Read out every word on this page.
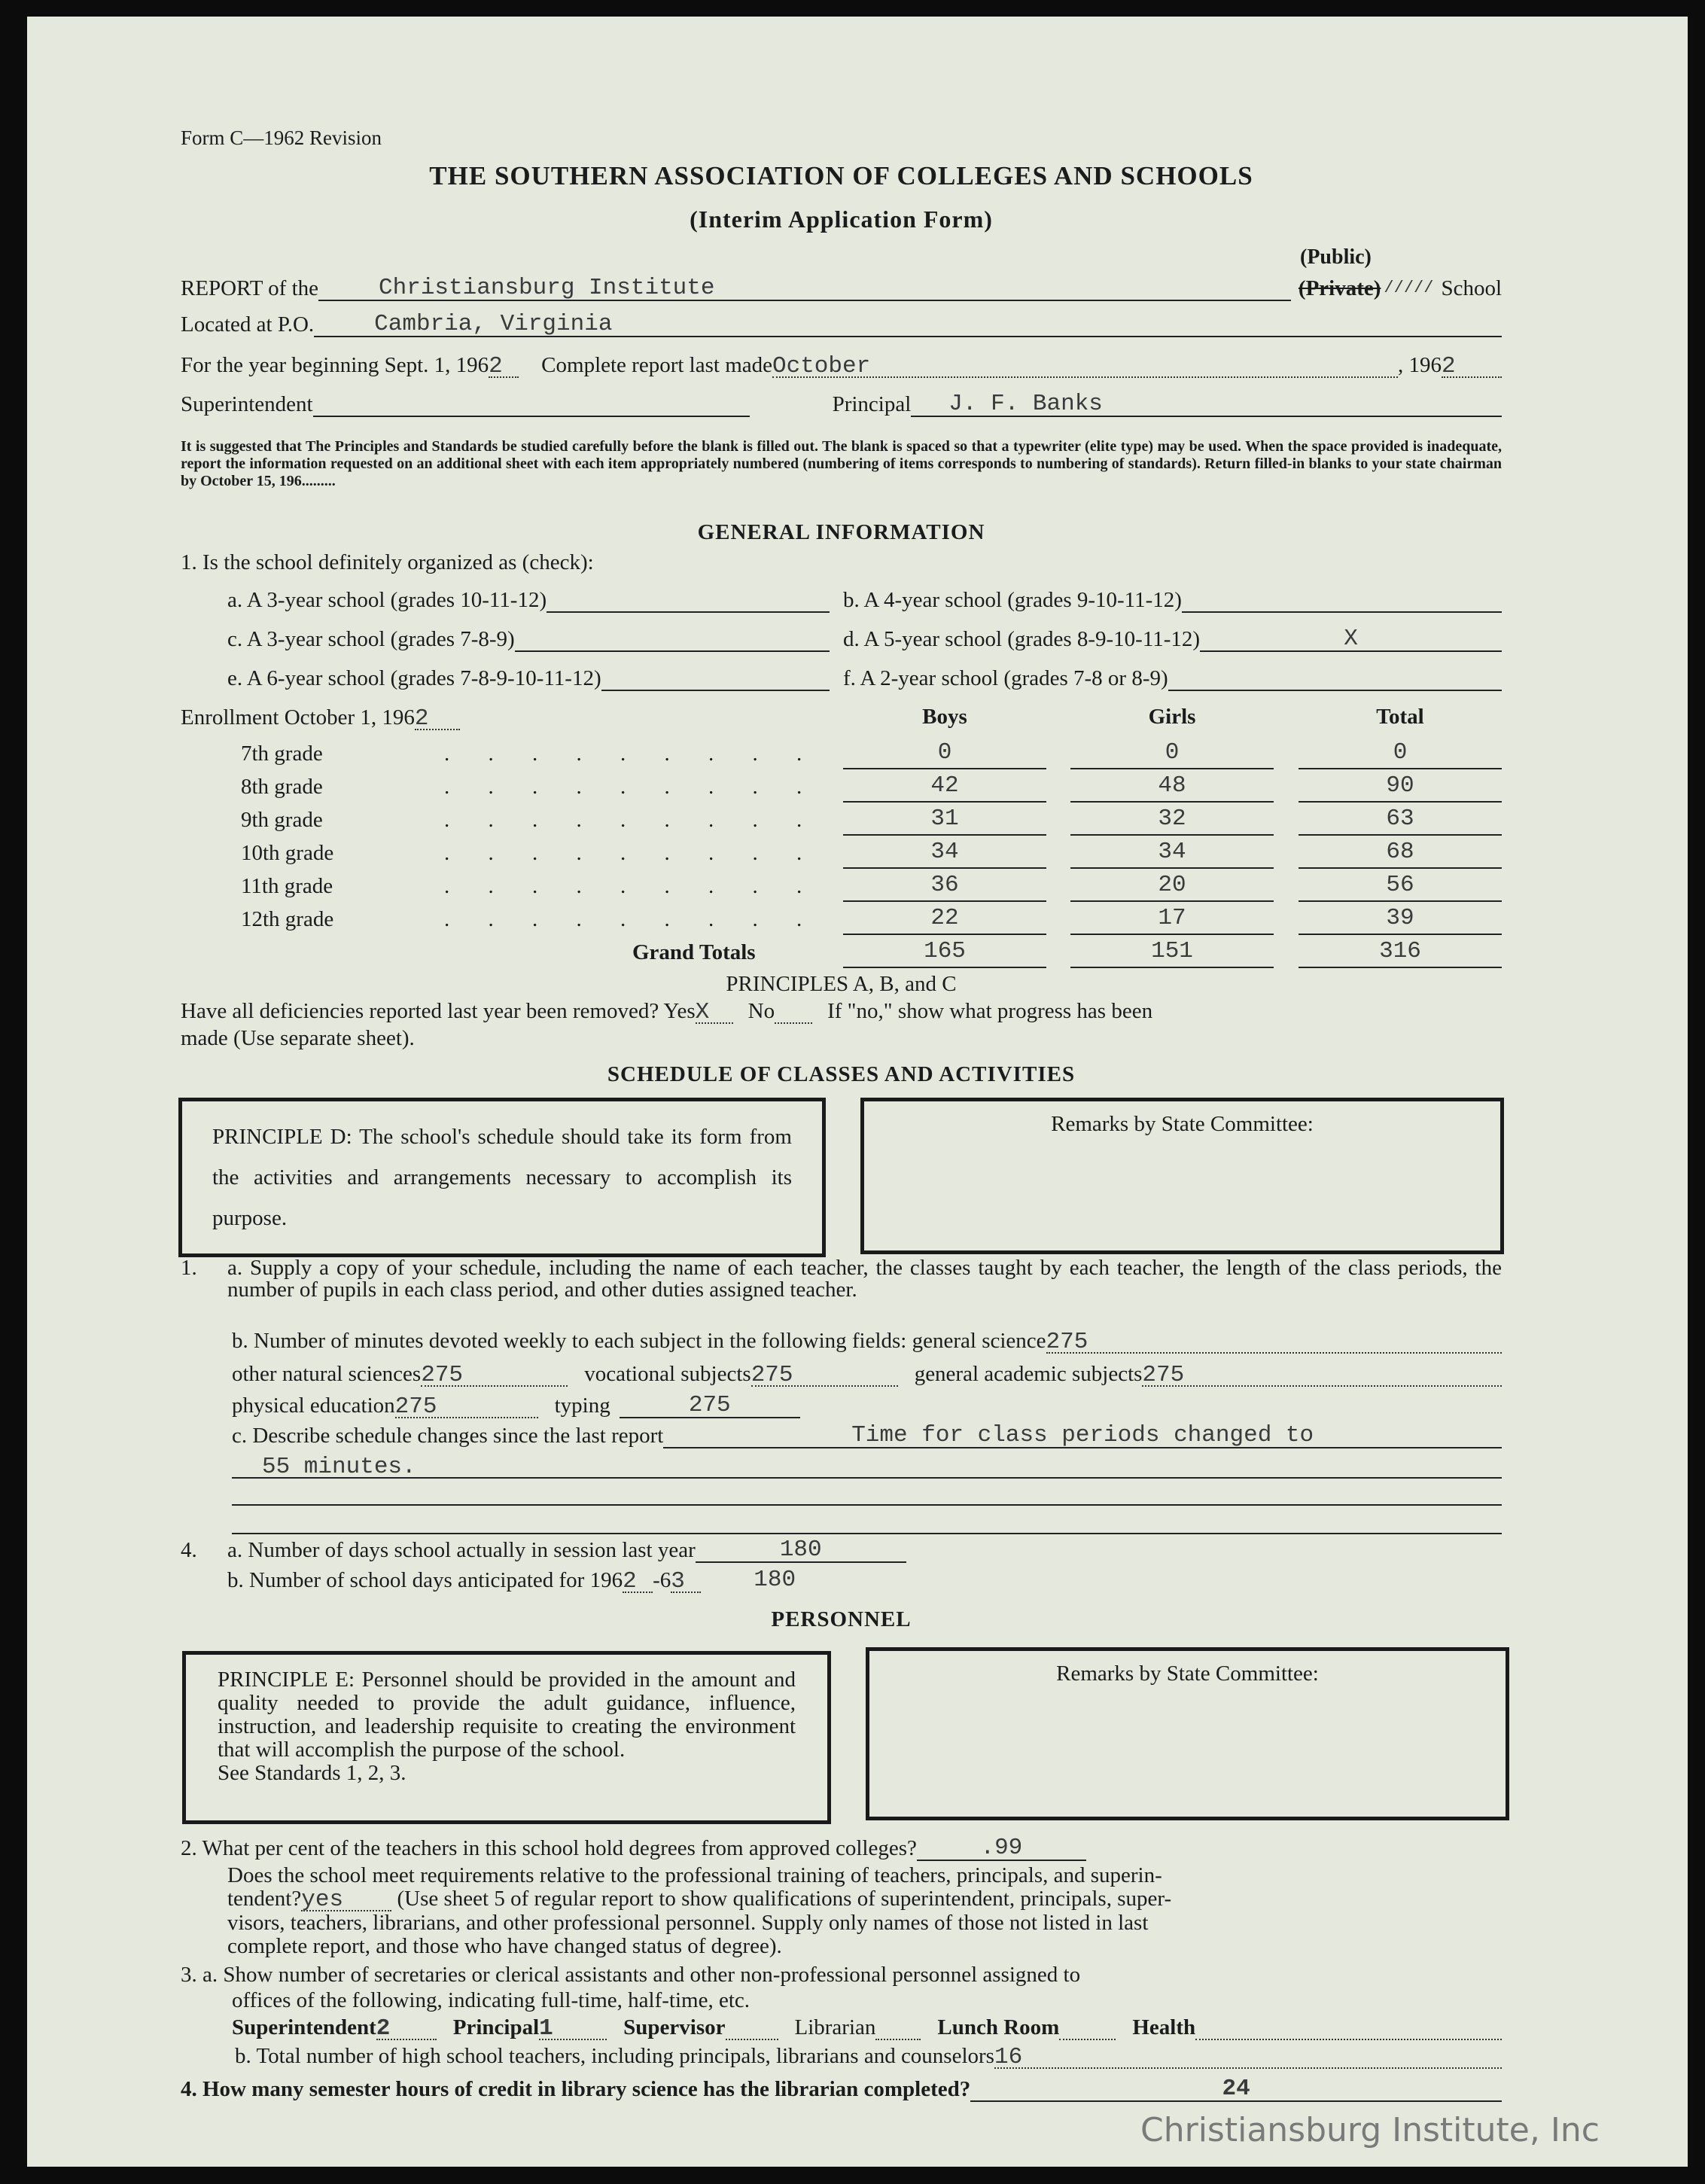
Form C—1962 Revision
THE SOUTHERN ASSOCIATION OF COLLEGES AND SCHOOLS
(Interim Application Form)
(Public)
REPORT of the	Christiansburg Institute	(Private) ///// School
Located at P.O.	Cambria, Virginia
For the year beginning Sept. 1, 196 2	Complete report last made October	, 196 2
Superintendent	Principal	J. F. Banks
It is suggested that The Principles and Standards be studied carefully before the blank is filled out. The blank is spaced so that a typewriter (elite type) may be used. When the space provided is inadequate, report the information requested on an additional sheet with each item appropriately numbered (numbering of items corresponds to numbering of standards). Return filled-in blanks to your state chairman by October 15, 196.........
GENERAL INFORMATION
1. Is the school definitely organized as (check):
a. A 3-year school (grades 10-11-12)	b. A 4-year school (grades 9-10-11-12)
c. A 3-year school (grades 7-8-9)	d. A 5-year school (grades 8-9-10-11-12)	X
e. A 6-year school (grades 7-8-9-10-11-12)	f. A 2-year school (grades 7-8 or 8-9)
Enrollment October 1, 1962	Boys	Girls	Total
7th grade	. . . . . . . . .	0	0	0
8th grade	. . . . . . . . .	42	48	90
9th grade	. . . . . . . . .	31	32	63
10th grade	. . . . . . . . .	34	34	68
11th grade	. . . . . . . . .	36	20	56
12th grade	. . . . . . . . .	22	17	39
Grand Totals	165	151	316
PRINCIPLES A, B, and C
Have all deficiencies reported last year been removed? Yes X	No If "no," show what progress has been
made (Use separate sheet).
SCHEDULE OF CLASSES AND ACTIVITIES
PRINCIPLE D: The school's schedule should take its form from the activities and arrangements necessary to accomplish its purpose.
Remarks by State Committee:
1. a. Supply a copy of your schedule, including the name of each teacher, the classes taught by each teacher, the length of the class periods, the number of pupils in each class period, and other duties assigned teacher.
b. Number of minutes devoted weekly to each subject in the following fields: general science 275
other natural sciences 275	vocational subjects 275	general academic subjects 275
physical education 275	typing	275
c. Describe schedule changes since the last report	Time for class periods changed to
55 minutes.
4.	a. Number of days school actually in session last year	180
b. Number of school days anticipated for 196 2 -6 3	180
PERSONNEL
PRINCIPLE E: Personnel should be provided in the amount and quality needed to provide the adult guidance, influence, instruction, and leadership requisite to creating the environment that will accomplish the purpose of the school.
See Standards 1, 2, 3.
Remarks by State Committee:
2. What per cent of the teachers in this school hold degrees from approved colleges?	.99
Does the school meet requirements relative to the professional training of teachers, principals, and superin-
tendent?yes (Use sheet 5 of regular report to show qualifications of superintendent, principals, super-
visors, teachers, librarians, and other professional personnel. Supply only names of those not listed in last
complete report, and those who have changed status of degree).
3. a. Show number of secretaries or clerical assistants and other non-professional personnel assigned to
offices of the following, indicating full-time, half-time, etc.
Superintendent 2	Principal 1	Supervisor	Librarian	Lunch Room	Health
b. Total number of high school teachers, including principals, librarians and counselors 16
4. How many semester hours of credit in library science has the librarian completed?	24
Christiansburg Institute, Inc
